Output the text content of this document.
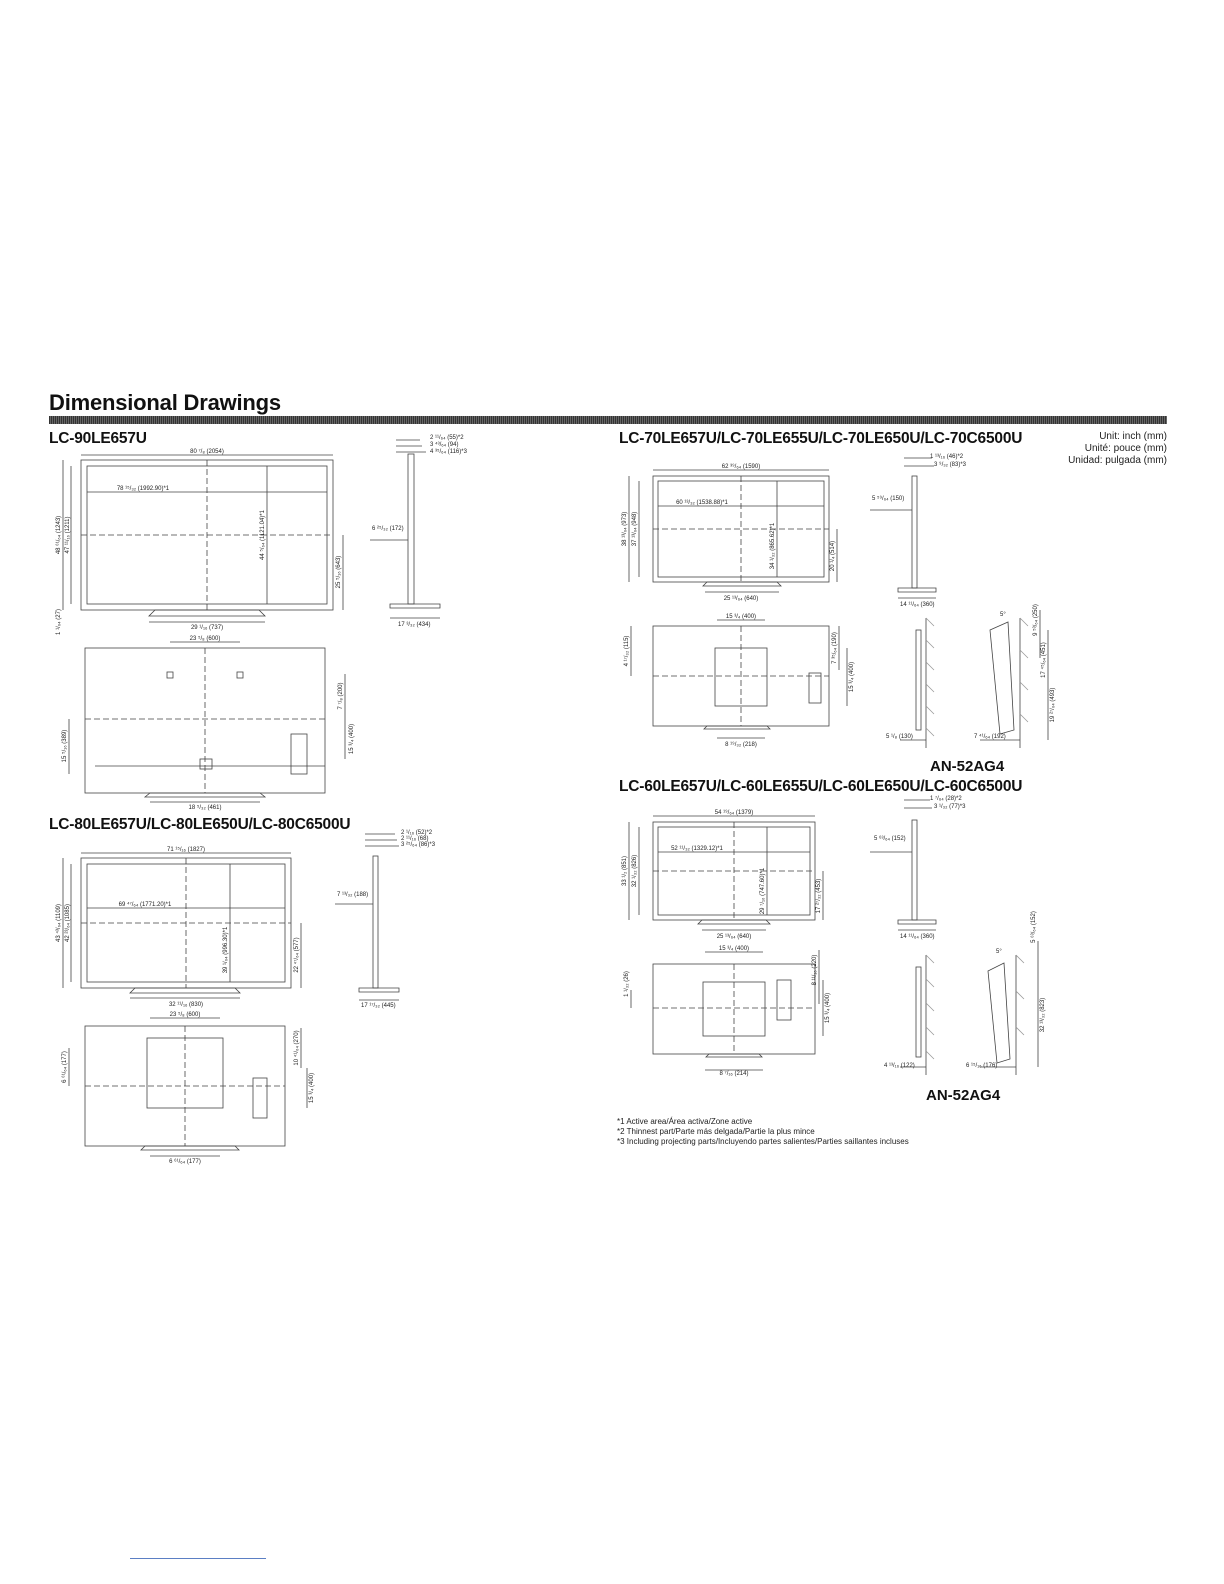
Dimensional Drawings
Unit: inch (mm)
Unité: pouce (mm)
Unidad: pulgada (mm)
LC-90LE657U
LC-80LE657U/LC-80LE650U/LC-80C6500U
LC-70LE657U/LC-70LE655U/LC-70LE650U/LC-70C6500U
LC-60LE657U/LC-60LE655U/LC-60LE650U/LC-60C6500U
AN-52AG4
AN-52AG4
80 ⁷/₈ (2054)
78 ¹⁵/₃₂ (1992.90)*1
48 ⁶¹/₆₄ (1243) 47 ¹¹/₁₆ (1211)	44 ⁵/₆₄ (1121.04)*1
25 ⁵/₁₆ (643)
29 ¹/₁₆ (737)
1 ¹/₆₄ (27)
2 ¹¹/₆₄ (55)*2
3 ⁴³/₆₄ (94)
4 ³⁵/₆₄ (116)*3
6 ²⁵/₃₂ (172)
17 ³/₃₂ (434)
23 ⁵/₈ (600)
7 ⁷/₈ (200)
15 ³/₄ (400)
15 ⁵/₁₆ (389)
18 ⁵/₃₂ (461)
71 ¹⁵/₁₆ (1827)
69 ⁴⁷/₆₄ (1771.20)*1
43 ⁴³/₆₄ (1109) 42 ²³/₆₄ (1085)
39 ¹/₆₄ (996.30)*1	22 ⁴⁷/₆₄ (577)
32 ¹¹/₁₆ (830)
2 ¹/₁₆ (52)*2
2 ¹¹/₁₆ (68)
3 ²⁵/₆₄ (86)*3
7 ¹³/₃₂ (188)
17 ¹⁷/₃₂ (445)
23 ⁵/₈ (600)
10 ⁴¹/₆₄ (270)
15 ³/₄ (400)
6 ⁶¹/₆₄ (177)
6 ⁶¹/₆₄ (177)
62 ³⁹/₆₄ (1590)
60 ¹³/₃₂ (1538.88)*1
38 ¹³/₆₄ (973) 37 ¹³/₆₄ (948)	34 ¹/₃₂ (865.62)*1	20 ¹/₄ (514)
25 ¹³/₆₄ (640)
1 ¹³/₁₆ (46)*2
3 ⁹/₃₂ (83)*3
5 ⁵⁹/₆₄ (150)
14 ¹¹/₆₄ (360)
15 ³/₄ (400)
7 ³⁵/₆₄ (190)
15 ³/₄ (400)
4 ¹⁷/₃₂ (115)
8 ¹⁹/₃₂ (218)
5°
5 ¹/₈ (130)	7 ⁴¹/₆₄ (192)
9 ⁵³/₆₄ (250)
17 ⁴⁵/₆₄ (451)
19 ²⁷/₆₄ (493)
54 ¹⁹/₆₄ (1379)
52 ¹¹/₃₂ (1329.12)*1
33 ¹/₂ (851) 32 ¹/₃₂ (826)	29 ⁷/₁₆ (747.60)*1	17 ²⁷/₃₂ (453)
25 ¹³/₆₄ (640)
1 ⁷/₆₄ (28)*2
3 ¹/₃₂ (77)*3
5 ⁶³/₆₄ (152)
14 ¹¹/₆₄ (360)
15 ³/₄ (400)
8 ¹¹/₁₆ (220)
15 ³/₄ (400)
1 ¹/₃₂ (26)
8 ⁷/₁₆ (214)
5°
4 ¹³/₁₆ (122)	6 ¹⁵/₁₆ (176)
5 ⁶³/₆₄ (152)
32 ¹³/₃₂ (823)
*1 Active area/Área activa/Zone active
*2 Thinnest part/Parte más delgada/Partie la plus mince
*3 Including projecting parts/Incluyendo partes salientes/Parties saillantes incluses
